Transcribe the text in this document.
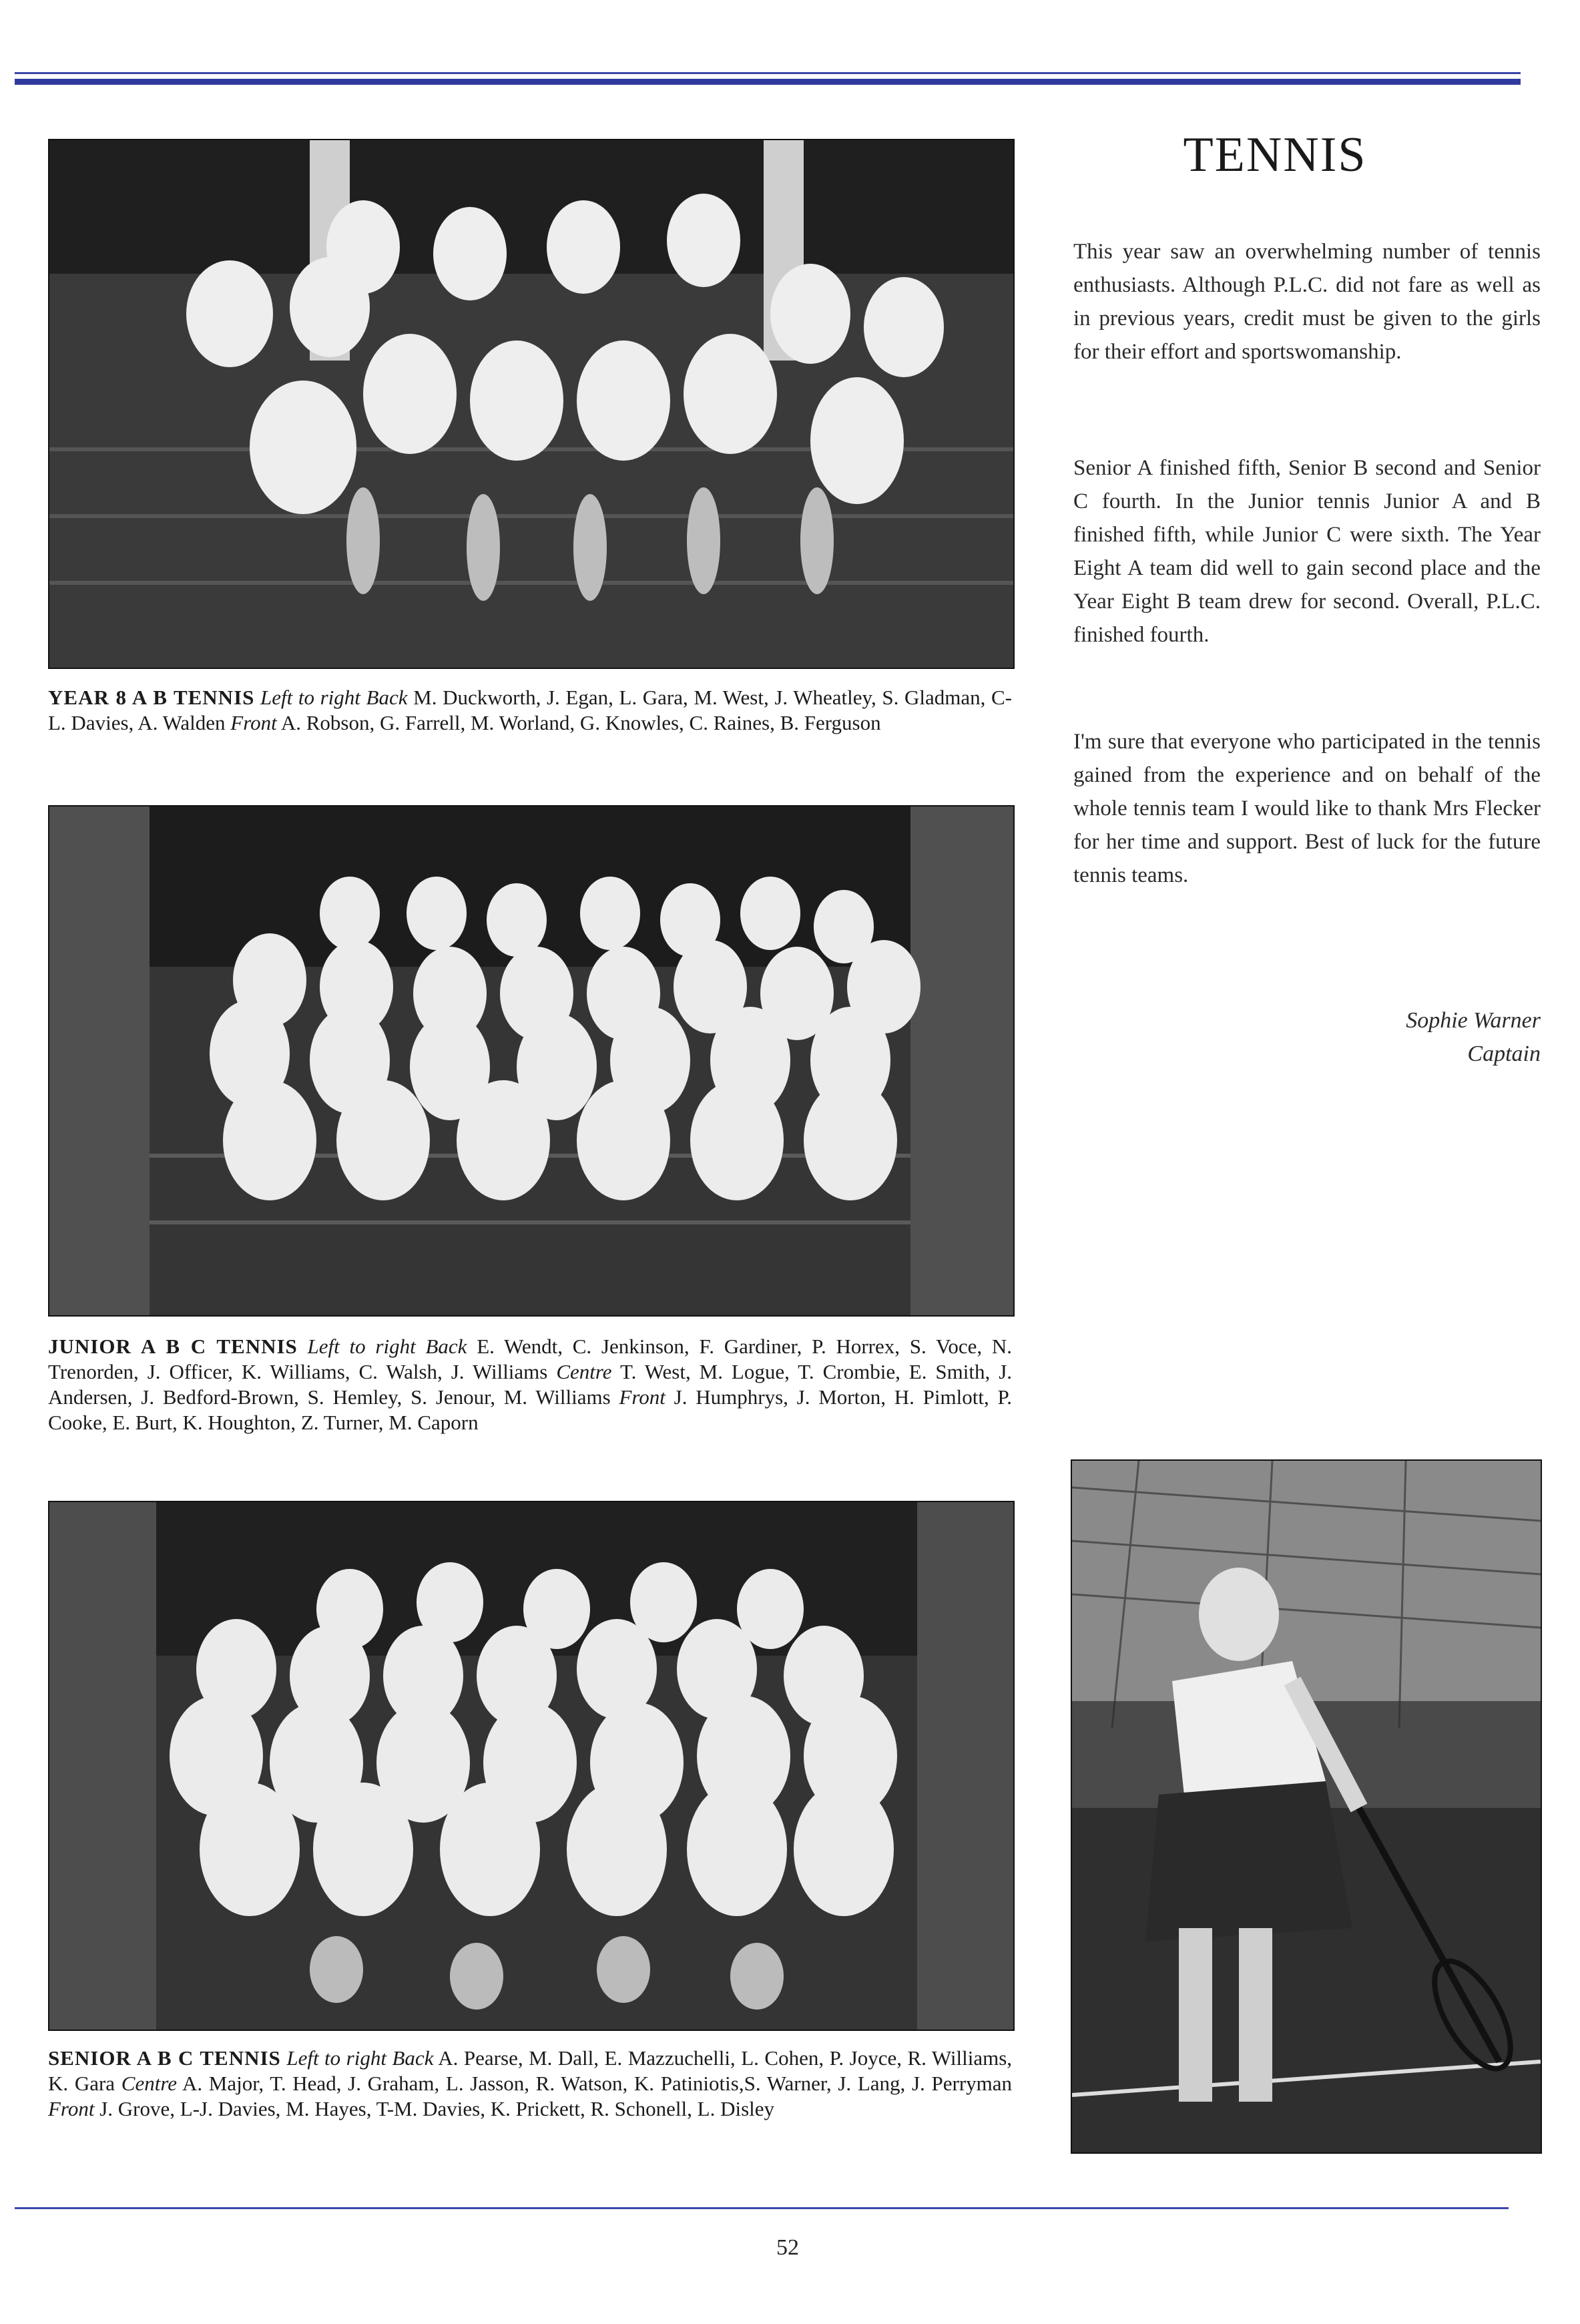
YEAR 8 A B TENNIS Left to right Back M. Duckworth, J. Egan, L. Gara, M. West, J. Wheatley, S. Gladman, C-L. Davies, A. Walden Front A. Robson, G. Farrell, M. Worland, G. Knowles, C. Raines, B. Ferguson
JUNIOR A B C TENNIS Left to right Back E. Wendt, C. Jenkinson, F. Gardiner, P. Horrex, S. Voce, N. Trenorden, J. Officer, K. Williams, C. Walsh, J. Williams Centre T. West, M. Logue, T. Crombie, E. Smith, J. Andersen, J. Bedford-Brown, S. Hemley, S. Jenour, M. Williams Front J. Humphrys, J. Morton, H. Pimlott, P. Cooke, E. Burt, K. Houghton, Z. Turner, M. Caporn
SENIOR A B C TENNIS Left to right Back A. Pearse, M. Dall, E. Mazzuchelli, L. Cohen, P. Joyce, R. Williams, K. Gara Centre A. Major, T. Head, J. Graham, L. Jasson, R. Watson, K. Patiniotis,S. Warner, J. Lang, J. Perryman Front J. Grove, L-J. Davies, M. Hayes, T-M. Davies, K. Prickett, R. Schonell, L. Disley
TENNIS

This year saw an overwhelming number of tennis enthusiasts. Although P.L.C. did not fare as well as in previous years, credit must be given to the girls for their effort and sportswomanship.

Senior A finished fifth, Senior B second and Senior C fourth. In the Junior tennis Junior A and B finished fifth, while Junior C were sixth. The Year Eight A team did well to gain second place and the Year Eight B team drew for second. Overall, P.L.C. finished fourth.

I'm sure that everyone who participated in the tennis gained from the experience and on behalf of the whole tennis team I would like to thank Mrs Flecker for her time and support. Best of luck for the future tennis teams.

Sophie Warner
Captain
52
